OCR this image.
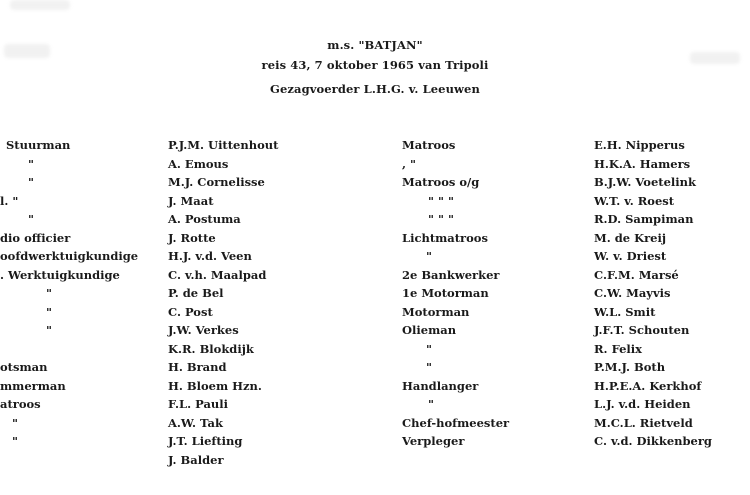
m.s. "BATJAN"
reis 43, 7 oktober 1965 van Tripoli
Gezagvoerder L.H.G. v. Leeuwen
Stuurman
"
"
l. "
"
dio officier
oofdwerktuigkundige
. Werktuigkundige
"
"
"
otsman
mmerman
atroos
"
"
P.J.M. Uittenhout
A. Emous
M.J. Cornelisse
J. Maat
A. Postuma
J. Rotte
H.J. v.d. Veen
C. v.h. Maalpad
P. de Bel
C. Post
J.W. Verkes
K.R. Blokdijk
H. Brand
H. Bloem Hzn.
F.L. Pauli
A.W. Tak
J.T. Liefting
J. Balder
Matroos
, "
Matroos o/g
" " "
" " "
Lichtmatroos
"
2e Bankwerker
1e Motorman
Motorman
Olieman
"
"
Handlanger
"
Chef-hofmeester
Verpleger
E.H. Nipperus
H.K.A. Hamers
B.J.W. Voetelink
W.T. v. Roest
R.D. Sampiman
M. de Kreij
W. v. Driest
C.F.M. Marsé
C.W. Mayvis
W.L. Smit
J.F.T. Schouten
R. Felix
P.M.J. Both
H.P.E.A. Kerkhof
L.J. v.d. Heiden
M.C.L. Rietveld
C. v.d. Dikkenberg
